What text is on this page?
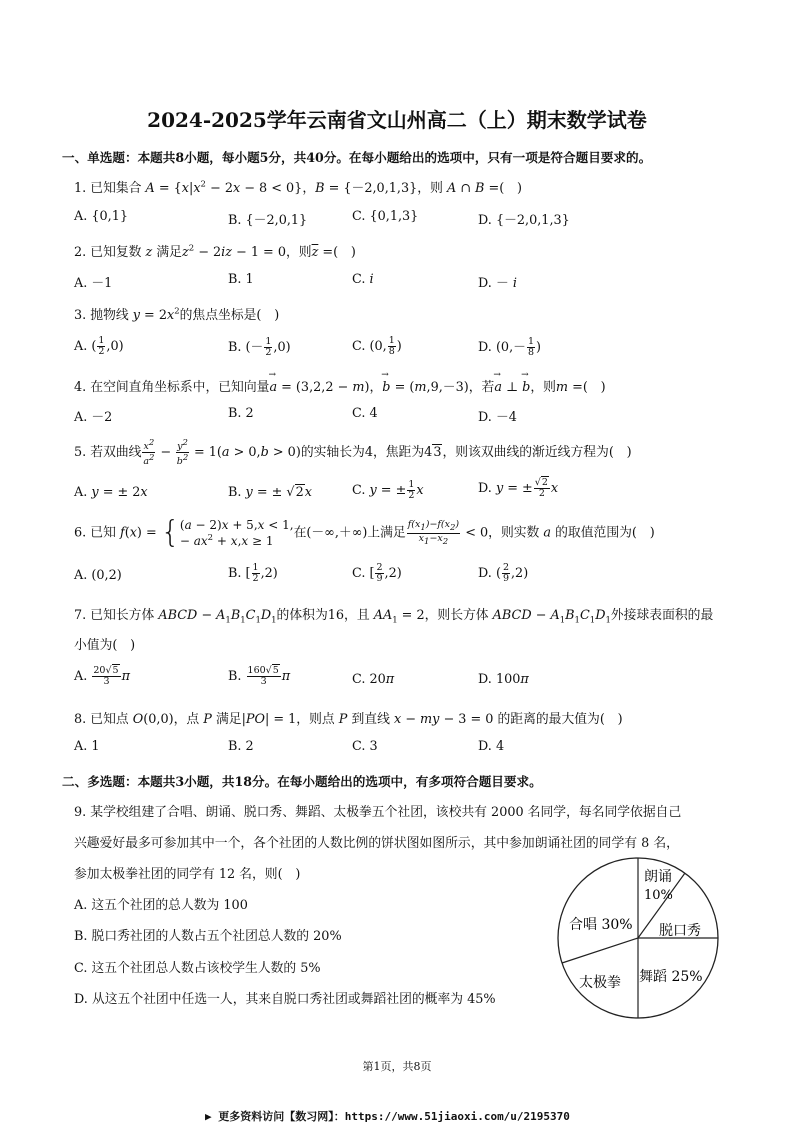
2024-2025学年云南省文山州高二（上）期末数学试卷
一、单选题：本题共8小题，每小题5分，共40分。在每小题给出的选项中，只有一项是符合题目要求的。
1. 已知集合 $A = \{x|x^2 - 2x - 8 < 0\}$，B = {－2,0,1,3}，则 A ∩ B =(　)
A. {0,1}	B. {－2,0,1}	C. {0,1,3}	D. {－2,0,1,3}
2. 已知复数 z 满足$z^2 - 2iz - 1 = 0$，则$\overline{z}$ =(　)
A. －1	B. 1	C. i	D. － i
3. 抛物线 $y = 2x^2$的焦点坐标是(　)
A. ( $\frac{1}{2} ,0$)	B. (－ $\frac{1}{2} ,0$)	C. (0, $\frac{1}{8}$ )	D. ($0,- \frac{1}{8}$ )
4. 在空间直角坐标系中，已知向量→ a = (3,2,2 − m)，→ b = (m,9,－3)，若→ a ⊥ → b，则m =(　)
A. －2	B. 2	C. 4	D. －4
5. 若双曲线 $\frac{x^2}{a^2} - \frac{y^2}{b^2} = 1(a > 0,b > 0)$的实轴长为4，焦距为43，则该双曲线的渐近线方程为(　)
A. y = ± 2x	B. y = ± √2x	C. y = ± $\frac{1}{2}$ x	D. y = ± $\frac{√2}{2}$ x
6. 已知 f(x) = {(a − 2)x + 5,x < 1,
− $ax^2 + x,x \ge 1$ 在(－∞,＋∞)上满足 $\frac{f(x_1)-f(x_2)}{x_1-x_2} < 0$，则实数 a 的取值范围为(　)
A. (0,2)	B. [ $\frac{1}{2} ,2$)	C. [ $\frac{2}{9} ,2$)	D. ( $\frac{2}{9} ,2$)
7. 已知长方体 ABCD − $A_1B_1C_1D_1$的体积为16，且 $AA_1 = 2$，则长方体 ABCD − $A_1B_1C_1D_1$外接球表面积的最
小值为(　)
A. $\frac{20√5}{3}$ π	B. $\frac{160√5}{3}$ π	C. 20π	D. 100π
8. 已知点 O(0,0)，点 P 满足|PO| = 1，则点 P 到直线 x − my − 3 = 0 的距离的最大值为(　)
A. 1	B. 2	C. 3	D. 4
二、多选题：本题共3小题，共18分。在每小题给出的选项中，有多项符合题目要求。
9. 某学校组建了合唱、朗诵、脱口秀、舞蹈、太极拳五个社团，该校共有 2000 名同学，每名同学依据自己
兴趣爱好最多可参加其中一个，各个社团的人数比例的饼状图如图所示，其中参加朗诵社团的同学有 8 名，
参加太极拳社团的同学有 12 名，则(　)
A. 这五个社团的总人数为 100
B. 脱口秀社团的人数占五个社团总人数的 20%
C. 这五个社团总人数占该校学生人数的 5%
D. 从这五个社团中任选一人，其来自脱口秀社团或舞蹈社团的概率为 45%
朗诵
10%
合唱 30% 脱口秀
舞蹈 25%
太极拳
第1页，共8页
▶ 更多资料访问【数习网】：https://www.51jiaoxi.com/u/2195370
